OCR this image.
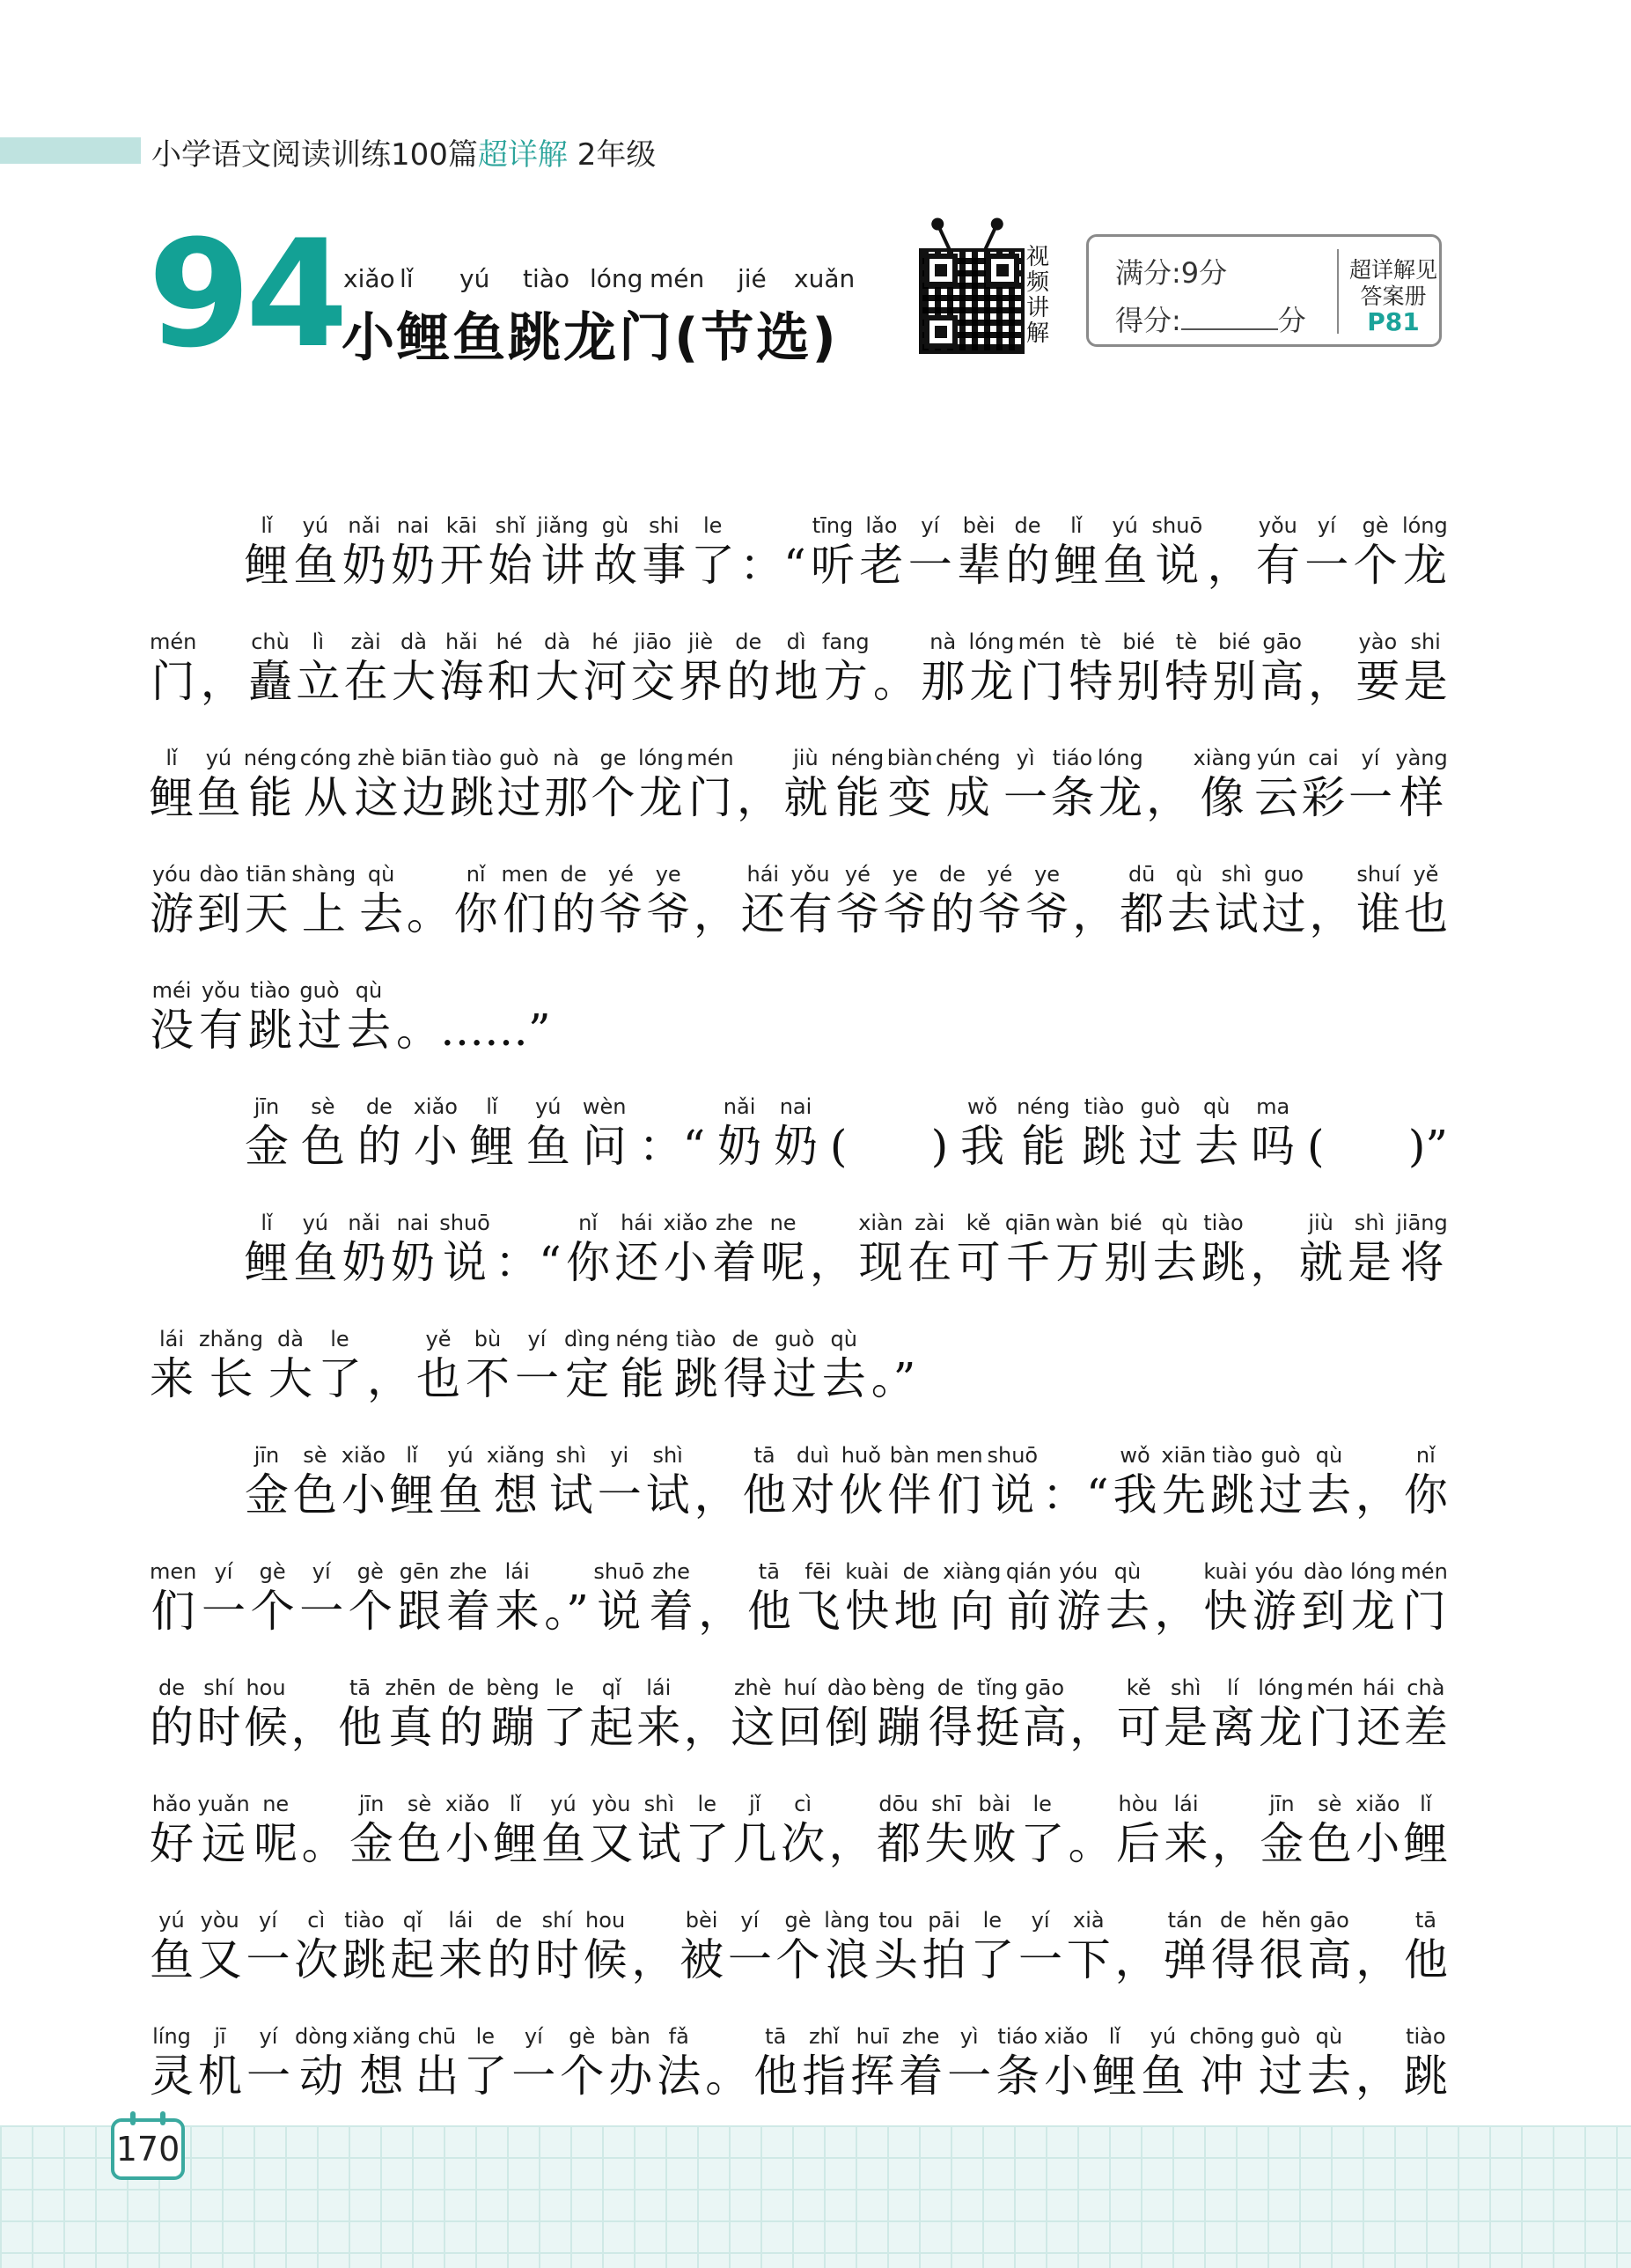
小学语文阅读训练100篇超详解 2年级
94 xiǎo lǐ yú tiào lóng mén jié xuǎn
小鲤鱼跳龙门(节选)
视
频
讲
解
满分:9分
得分:	分
超详解见
答案册
P81
lǐ
鲤
yú
鱼
nǎi
奶
nai
奶
kāi
开
shǐ
始
jiǎng
讲
gù
故
shi
事
le
了 ：“
tīng
听
lǎo
老
yí
一
bèi
辈
de
的
lǐ
鲤
yú
鱼
shuō
说 ，
yǒu
有
yí
一
gè
个
lóng
龙
mén
门 ，
chù
矗
lì
立
zài
在
dà
大
hǎi
海
hé
和
dà
大
hé
河
jiāo
交
jiè
界
de
的
dì
地
fang
方 。
nà
那
lóng
龙
mén
门
tè
特
bié
别
tè
特
bié
别
gāo
高 ，
yào
要
shi
是
lǐ
鲤
yú
鱼
néng
能
cóng
从
zhè
这
biān
边
tiào
跳
guò
过
nà
那
ge
个
lóng
龙
mén
门 ，
jiù
就
néng
能
biàn
变
chéng
成
yì
一
tiáo
条
lóng
龙 ，
xiàng
像
yún
云
cai
彩
yí
一
yàng
样
yóu
游
dào
到
tiān
天
shàng
上
qù
去 。
nǐ
你
men
们
de
的
yé
爷
ye
爷 ，
hái
还
yǒu
有
yé
爷
ye
爷
de
的
yé
爷
ye
爷 ，
dū
都
qù
去
shì
试
guo
过 ，
shuí
谁
yě
也
méi
没
yǒu
有
tiào
跳
guò
过
qù
去 。……”
jīn
金
sè
色
de
的
xiǎo
小
lǐ
鲤
yú
鱼
wèn
问 ：“
nǎi
奶
nai
奶 (      )
wǒ
我
néng
能
tiào
跳
guò
过
qù
去
ma
吗 (      )”
lǐ
鲤
yú
鱼
nǎi
奶
nai
奶
shuō
说 ：“
nǐ
你
hái
还
xiǎo
小
zhe
着
ne
呢 ，
xiàn
现
zài
在
kě
可
qiān
千
wàn
万
bié
别
qù
去
tiào
跳 ，
jiù
就
shì
是
jiāng
将
lái
来
zhǎng
长
dà
大
le
了 ，
yě
也
bù
不
yí
一
dìng
定
néng
能
tiào
跳
de
得
guò
过
qù
去 。”
jīn
金
sè
色
xiǎo
小
lǐ
鲤
yú
鱼
xiǎng
想
shì
试
yi
一
shì
试 ，
tā
他
duì
对
huǒ
伙
bàn
伴
men
们
shuō
说 ：“
wǒ
我
xiān
先
tiào
跳
guò
过
qù
去 ，
nǐ
你
men
们
yí
一
gè
个
yí
一
gè
个
gēn
跟
zhe
着
lái
来 。”
shuō
说
zhe
着 ，
tā
他
fēi
飞
kuài
快
de
地
xiàng
向
qián
前
yóu
游
qù
去 ，
kuài
快
yóu
游
dào
到
lóng
龙
mén
门
de
的
shí
时
hou
候 ，
tā
他
zhēn
真
de
的
bèng
蹦
le
了
qǐ
起
lái
来 ，
zhè
这
huí
回
dào
倒
bèng
蹦
de
得
tǐng
挺
gāo
高 ，
kě
可
shì
是
lí
离
lóng
龙
mén
门
hái
还
chà
差
hǎo
好
yuǎn
远
ne
呢 。
jīn
金
sè
色
xiǎo
小
lǐ
鲤
yú
鱼
yòu
又
shì
试
le
了
jǐ
几
cì
次 ，
dōu
都
shī
失
bài
败
le
了 。
hòu
后
lái
来 ，
jīn
金
sè
色
xiǎo
小
lǐ
鲤
yú
鱼
yòu
又
yí
一
cì
次
tiào
跳
qǐ
起
lái
来
de
的
shí
时
hou
候 ，
bèi
被
yí
一
gè
个
làng
浪
tou
头
pāi
拍
le
了
yí
一
xià
下 ，
tán
弹
de
得
hěn
很
gāo
高 ，
tā
他
líng
灵
jī
机
yí
一
dòng
动
xiǎng
想
chū
出
le
了
yí
一
gè
个
bàn
办
fǎ
法 。
tā
他
zhǐ
指
huī
挥
zhe
着
yì
一
tiáo
条
xiǎo
小
lǐ
鲤
yú
鱼
chōng
冲
guò
过
qù
去 ，
tiào
跳
170
